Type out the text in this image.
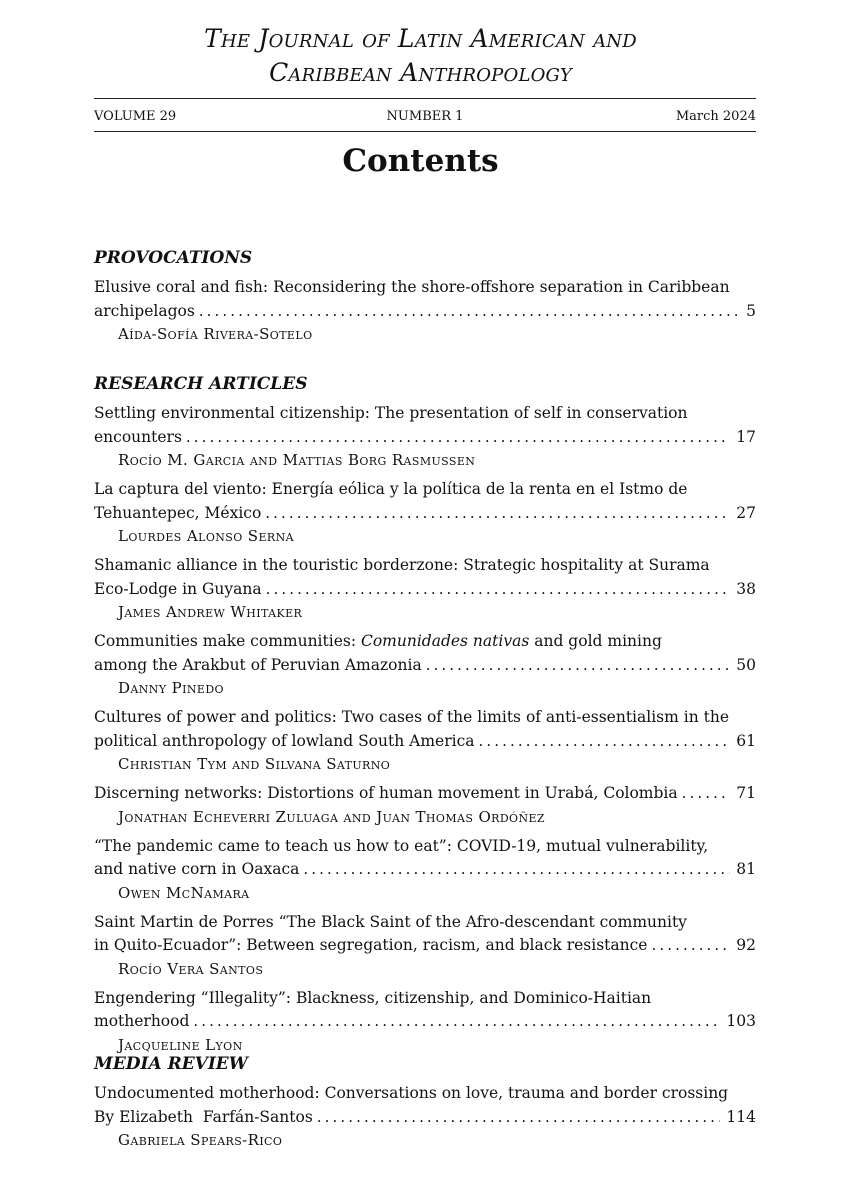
The Journal of Latin American and
Caribbean Anthropology
VOLUME 29	NUMBER 1	March 2024
Contents
PROVOCATIONS
Elusive coral and fish: Reconsidering the shore-offshore separation in Caribbean
archipelagos .....	5
Aída-Sofía Rivera-Sotelo
RESEARCH ARTICLES
Settling environmental citizenship: The presentation of self in conservation
encounters .....	17
Rocío M. Garcia and Mattias Borg Rasmussen
La captura del viento: Energía eólica y la política de la renta en el Istmo de
Tehuantepec, México .....	27
Lourdes Alonso Serna
Shamanic alliance in the touristic borderzone: Strategic hospitality at Surama
Eco-Lodge in Guyana .....	38
James Andrew Whitaker
Communities make communities: Comunidades nativas and gold mining
among the Arakbut of Peruvian Amazonia .....	50
Danny Pinedo
Cultures of power and politics: Two cases of the limits of anti-essentialism in the
political anthropology of lowland South America .....	61
Christian Tym and Silvana Saturno
Discerning networks: Distortions of human movement in Urabá, Colombia .....	71
Jonathan Echeverri Zuluaga and Juan Thomas Ordóñez
“The pandemic came to teach us how to eat”: COVID-19, mutual vulnerability,
and native corn in Oaxaca .....	81
Owen McNamara
Saint Martin de Porres “The Black Saint of the Afro-descendant community
in Quito-Ecuador”: Between segregation, racism, and black resistance .....	92
Rocío Vera Santos
Engendering “Illegality”: Blackness, citizenship, and Dominico-Haitian
motherhood .....	103
Jacqueline Lyon
MEDIA REVIEW
Undocumented motherhood: Conversations on love, trauma and border crossing
By Elizabeth  Farfán-Santos .....	114
Gabriela Spears-Rico
